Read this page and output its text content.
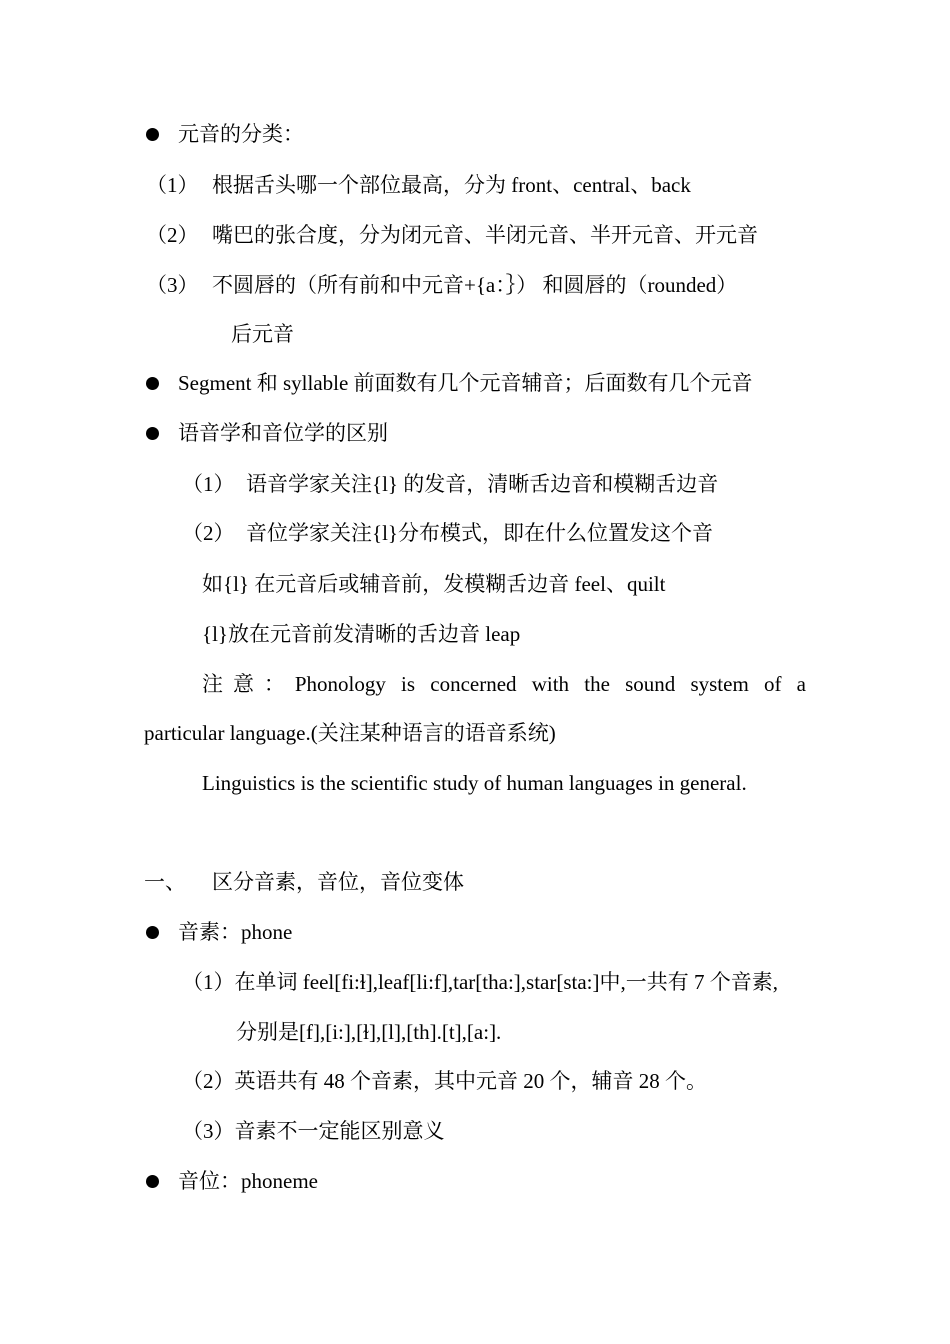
元音的分类：
（1） 根据舌头哪一个部位最高，分为 front、central、back
（2） 嘴巴的张合度，分为闭元音、半闭元音、半开元音、开元音
（3） 不圆唇的（所有前和中元音+{a：｝） 和圆唇的（rounded）
后元音
Segment 和 syllable 前面数有几个元音辅音；后面数有几个元音
语音学和音位学的区别
（1） 语音学家关注{l} 的发音，清晰舌边音和模糊舌边音
（2） 音位学家关注{l}分布模式，即在什么位置发这个音
如{l} 在元音后或辅音前，发模糊舌边音 feel、quilt
{l}放在元音前发清晰的舌边音 leap
注意：Phonology is concerned with the sound system of a
particular language.(关注某种语言的语音系统)
Linguistics is the scientific study of human languages in general.
一、 区分音素，音位，音位变体
音素：phone
（1）在单词 feel[fi:ɫ],leaf[li:f],tar[tha:],star[sta:]中,一共有 7 个音素,
分别是[f],[i:],[ɫ],[l],[th].[t],[a:].
（2）英语共有 48 个音素，其中元音 20 个，辅音 28 个。
（3）音素不一定能区别意义
音位：phoneme
